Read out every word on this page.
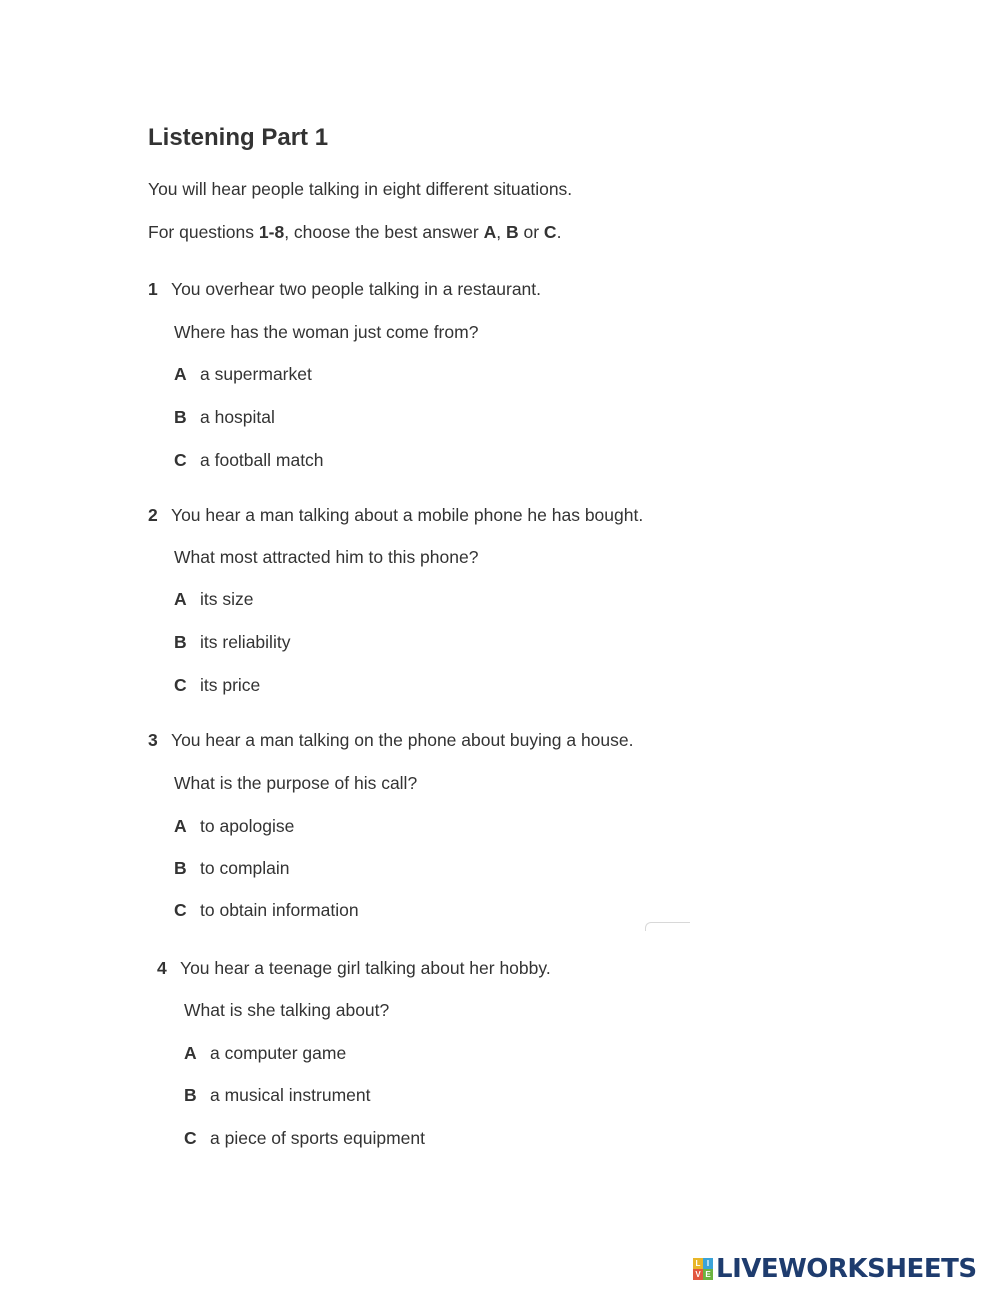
Listening Part 1
You will hear people talking in eight different situations.
For questions 1-8, choose the best answer A, B or C.
1 You overhear two people talking in a restaurant.
Where has the woman just come from?
A a supermarket
B a hospital
C a football match
2 You hear a man talking about a mobile phone he has bought.
What most attracted him to this phone?
A its size
B its reliability
C its price
3 You hear a man talking on the phone about buying a house.
What is the purpose of his call?
A to apologise
B to complain
C to obtain information
4 You hear a teenage girl talking about her hobby.
What is she talking about?
A a computer game
B a musical instrument
C a piece of sports equipment
L I
V E LIVEWORKSHEETS
